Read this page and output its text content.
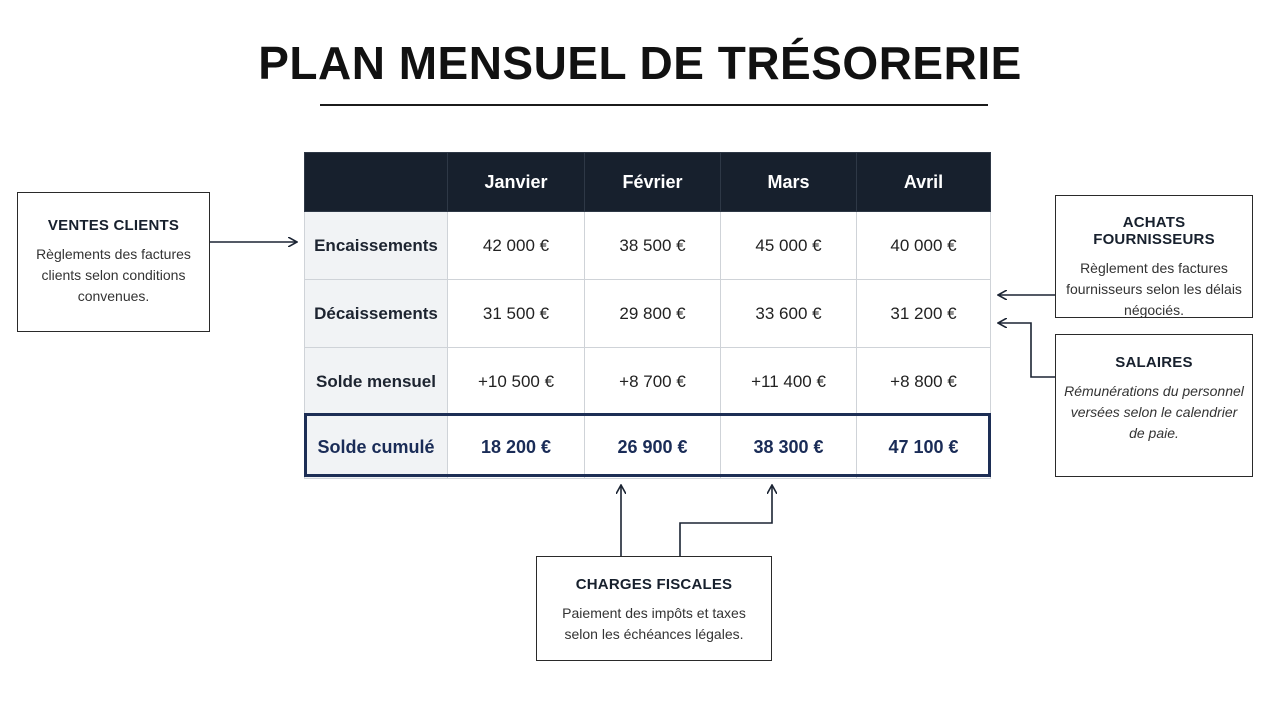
PLAN MENSUEL DE TRÉSORERIE
	Janvier	Février	Mars	Avril
Encaissements	42 000 €	38 500 €	45 000 €	40 000 €
Décaissements	31 500 €	29 800 €	33 600 €	31 200 €
Solde mensuel	+10 500 €	+8 700 €	+11 400 €	+8 800 €
Solde cumulé	18 200 €	26 900 €	38 300 €	47 100 €
VENTES CLIENTS
Règlements des factures clients selon conditions convenues.
ACHATS FOURNISSEURS
Règlement des factures fournisseurs selon les délais négociés.
SALAIRES
Rémunérations du personnel versées selon le calendrier de paie.
CHARGES FISCALES
Paiement des impôts et taxes selon les échéances légales.
